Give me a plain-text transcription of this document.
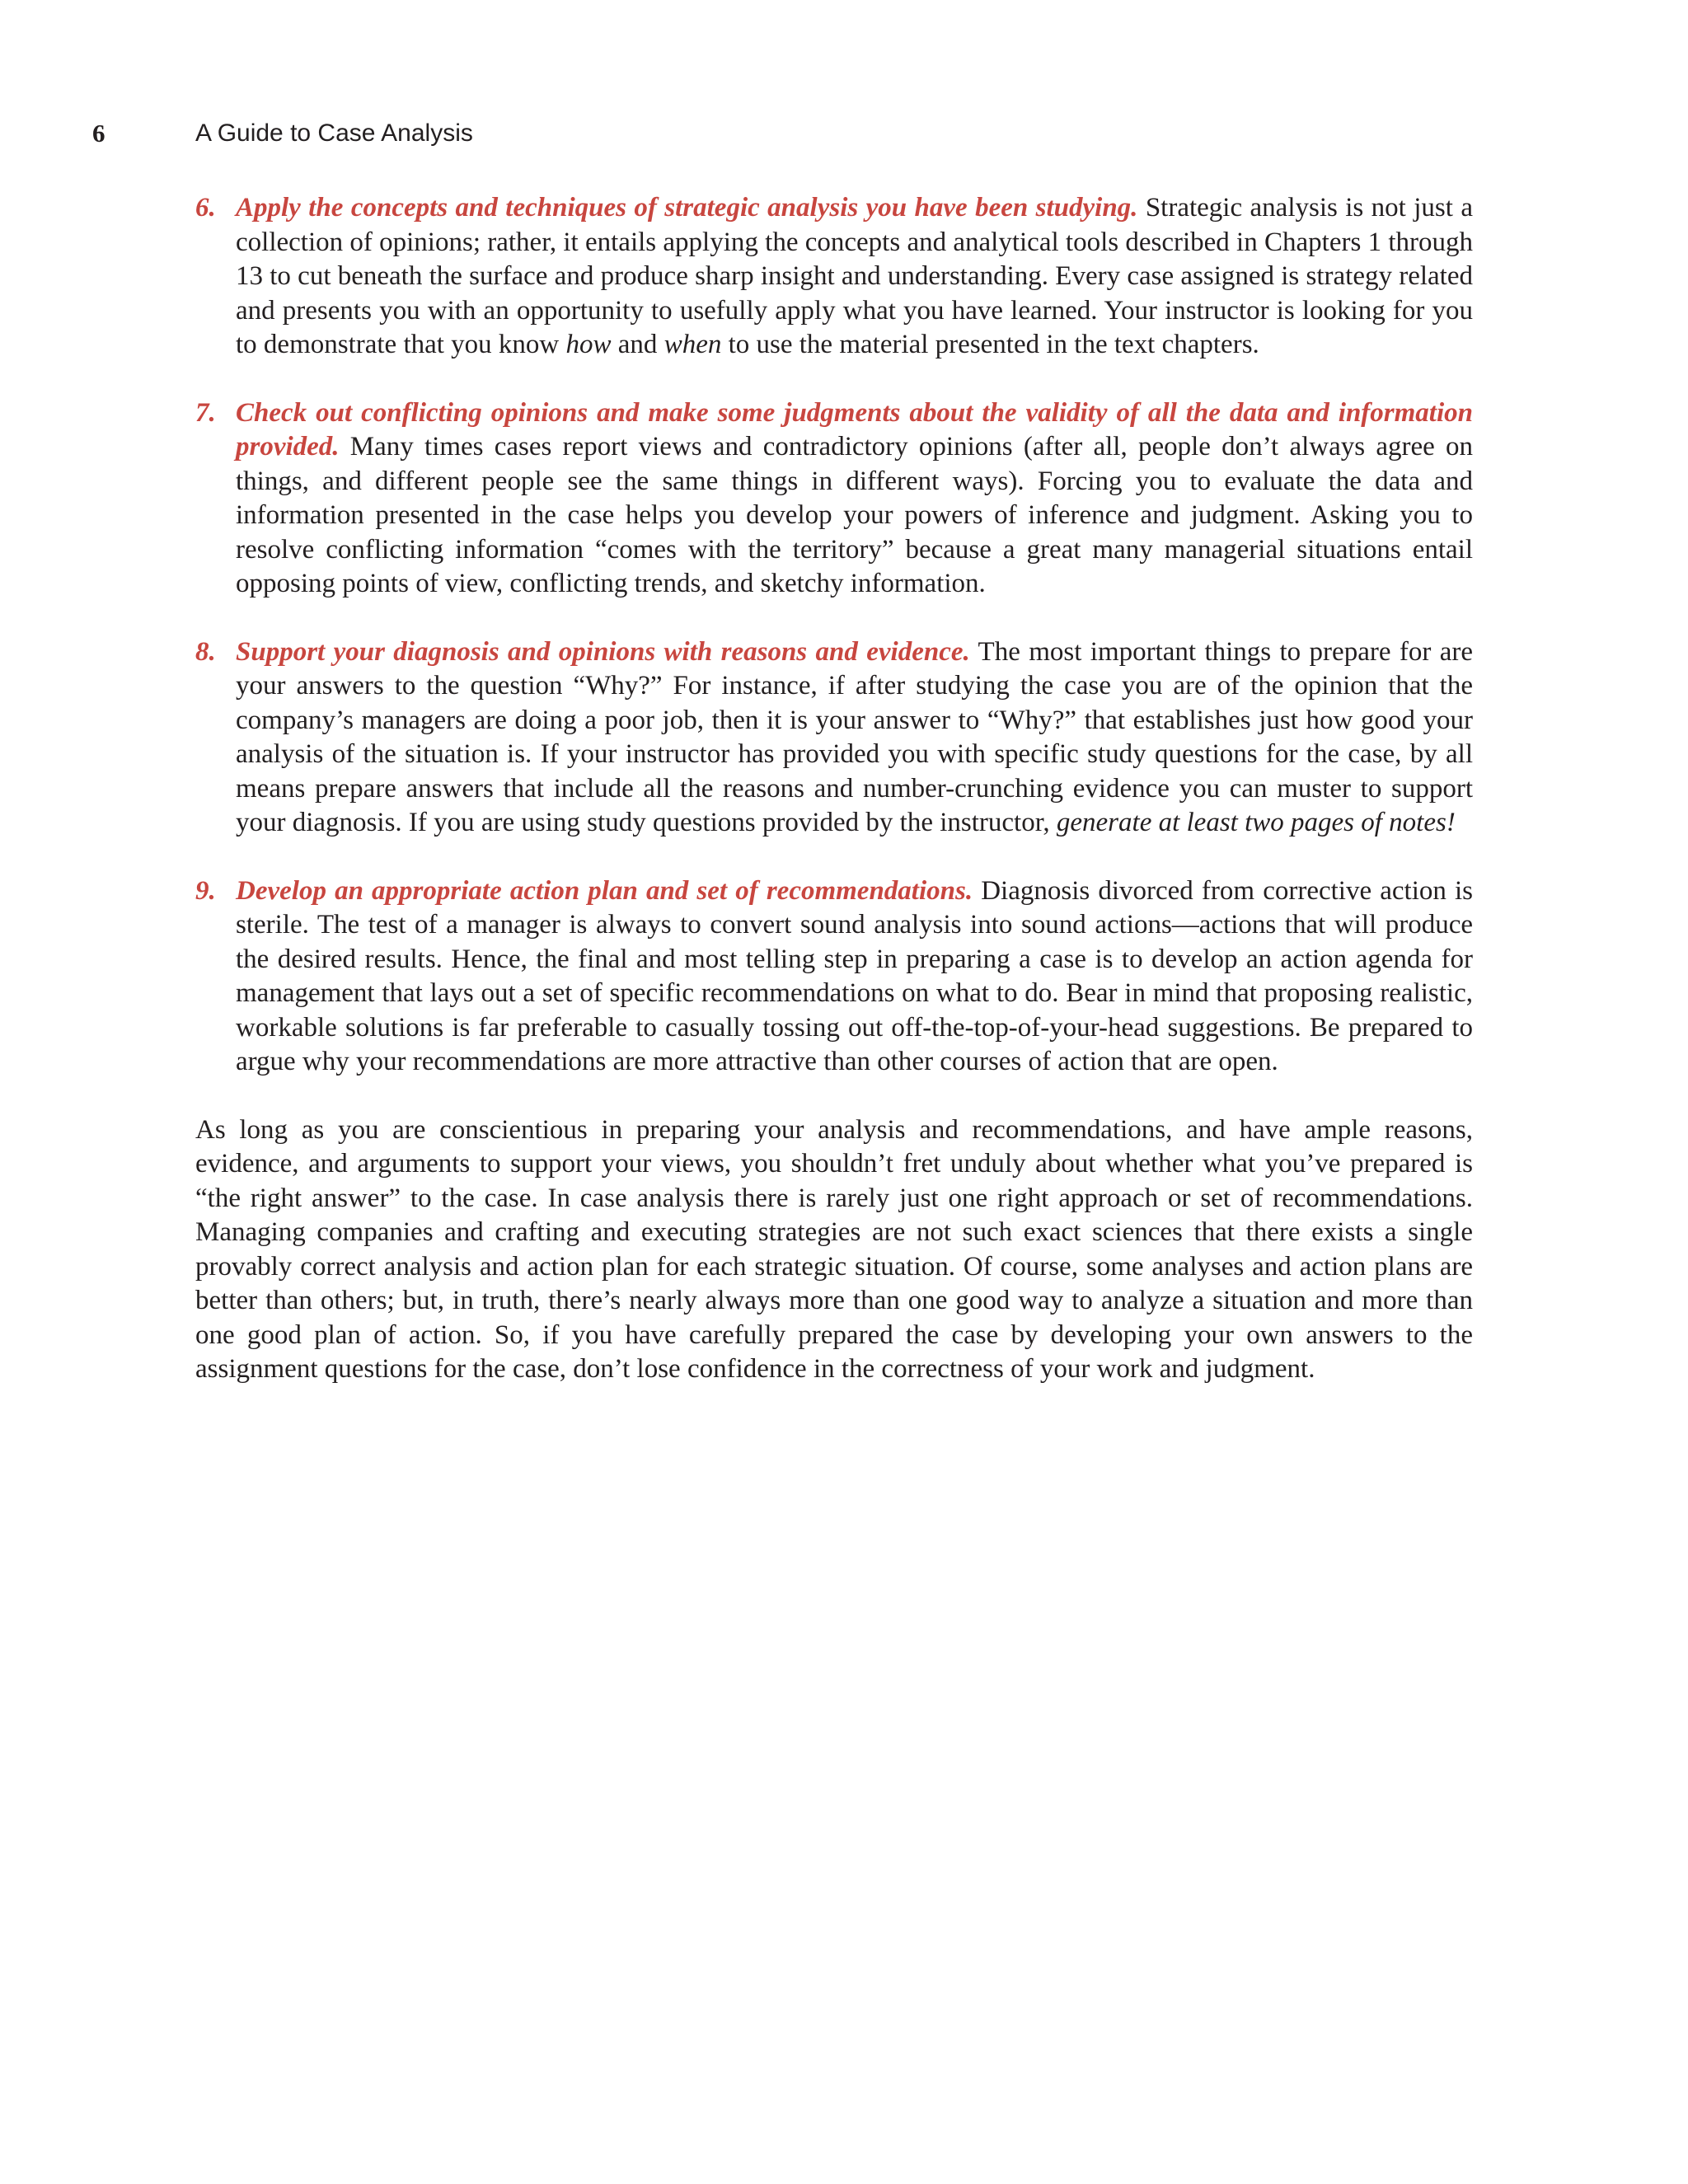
6	A Guide to Case Analysis
6. Apply the concepts and techniques of strategic analysis you have been studying. Strategic analysis is not just a collection of opinions; rather, it entails applying the concepts and analytical tools described in Chapters 1 through 13 to cut beneath the surface and produce sharp insight and understanding. Every case assigned is strategy related and presents you with an opportunity to usefully apply what you have learned. Your instructor is looking for you to demonstrate that you know how and when to use the material presented in the text chapters.
7. Check out conflicting opinions and make some judgments about the validity of all the data and information provided. Many times cases report views and contradictory opinions (after all, people don’t always agree on things, and different people see the same things in different ways). Forcing you to evaluate the data and information presented in the case helps you develop your powers of inference and judgment. Asking you to resolve conflicting information “comes with the territory” because a great many managerial situations entail opposing points of view, conflicting trends, and sketchy information.
8. Support your diagnosis and opinions with reasons and evidence. The most important things to prepare for are your answers to the question “Why?” For instance, if after studying the case you are of the opinion that the company’s managers are doing a poor job, then it is your answer to “Why?” that establishes just how good your analysis of the situation is. If your instructor has provided you with specific study questions for the case, by all means prepare answers that include all the reasons and number-crunching evidence you can muster to support your diagnosis. If you are using study questions provided by the instructor, generate at least two pages of notes!
9. Develop an appropriate action plan and set of recommendations. Diagnosis divorced from corrective action is sterile. The test of a manager is always to convert sound analysis into sound actions—actions that will produce the desired results. Hence, the final and most telling step in preparing a case is to develop an action agenda for management that lays out a set of specific recommendations on what to do. Bear in mind that proposing realistic, workable solutions is far preferable to casually tossing out off-the-top-of-your-head suggestions. Be prepared to argue why your recommendations are more attractive than other courses of action that are open.

As long as you are conscientious in preparing your analysis and recommendations, and have ample reasons, evidence, and arguments to support your views, you shouldn’t fret unduly about whether what you’ve prepared is “the right answer” to the case. In case analysis there is rarely just one right approach or set of recommendations. Managing companies and crafting and executing strategies are not such exact sciences that there exists a single provably correct analysis and action plan for each strategic situation. Of course, some analyses and action plans are better than others; but, in truth, there’s nearly always more than one good way to analyze a situation and more than one good plan of action. So, if you have carefully prepared the case by developing your own answers to the assignment questions for the case, don’t lose confidence in the correctness of your work and judgment.
